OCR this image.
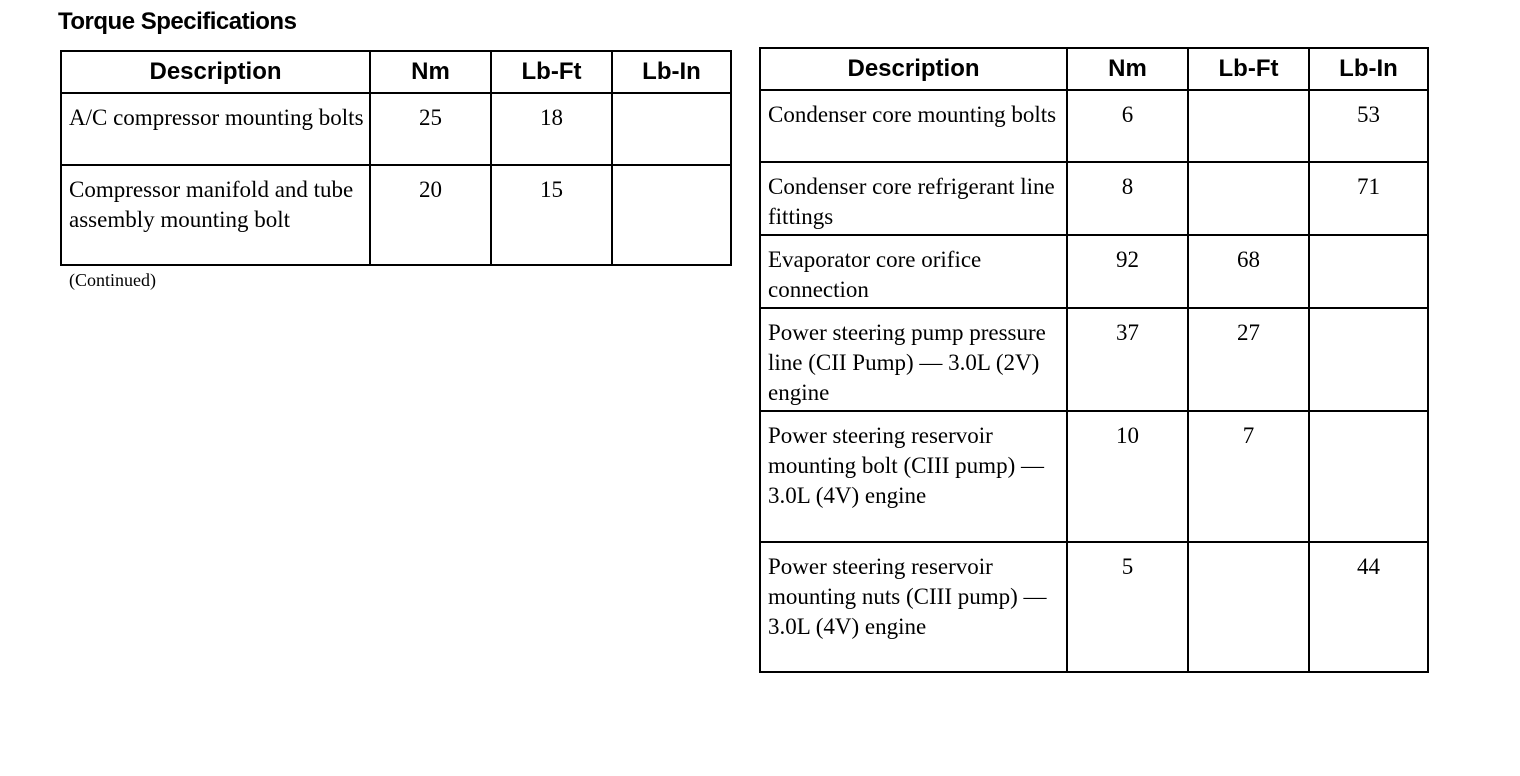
Torque Specifications
Description	Nm	Lb-Ft	Lb-In
A/C compressor mounting bolts	25	18	
Compressor manifold and tube assembly mounting bolt	20	15	
(Continued)
Description	Nm	Lb-Ft	Lb-In
Condenser core mounting bolts	6		53
Condenser core refrigerant line fittings	8		71
Evaporator core orifice connection	92	68	
Power steering pump pressure line (CII Pump) — 3.0L (2V) engine	37	27	
Power steering reservoir mounting bolt (CIII pump) — 3.0L (4V) engine	10	7	
Power steering reservoir mounting nuts (CIII pump) — 3.0L (4V) engine	5		44
